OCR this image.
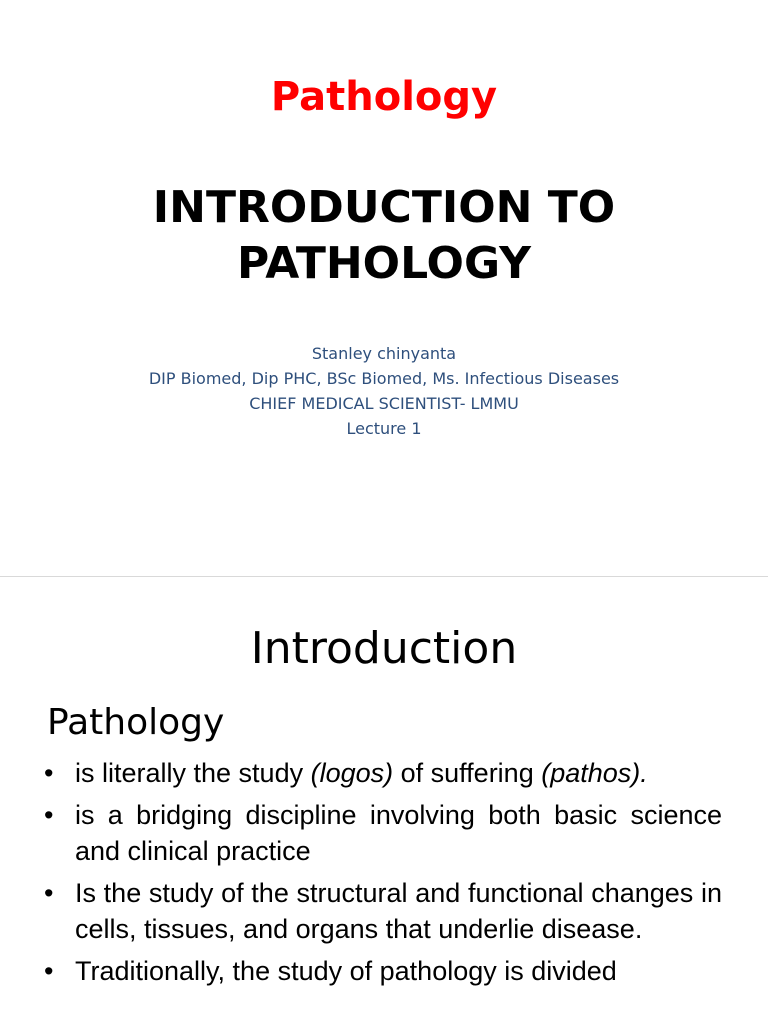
Pathology
INTRODUCTION TO
PATHOLOGY
Stanley chinyanta
DIP Biomed, Dip PHC, BSc Biomed, Ms. Infectious Diseases
CHIEF MEDICAL SCIENTIST- LMMU
Lecture 1
Introduction
Pathology
• is literally the study (logos) of suffering (pathos).
• is a bridging discipline involving both basic science and clinical practice
• Is the study of the structural and functional changes in cells, tissues, and organs that underlie disease.
• Traditionally, the study of pathology is divided
